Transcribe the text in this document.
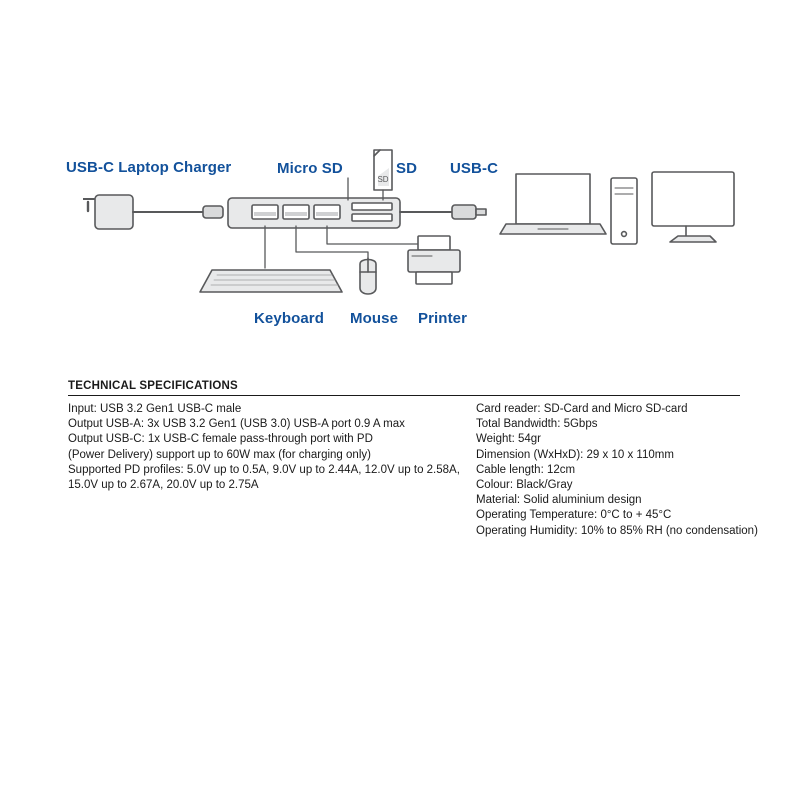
SD
USB-C Laptop Charger	Micro SD	SD USB-C
Keyboard Mouse Printer
TECHNICAL SPECIFICATIONS
Input: USB 3.2 Gen1 USB-C male
Output USB-A: 3x USB 3.2 Gen1 (USB 3.0) USB-A port 0.9 A max
Output USB-C: 1x USB-C female pass-through port with PD
(Power Delivery) support up to 60W max (for charging only)
Supported PD profiles: 5.0V up to 0.5A, 9.0V up to 2.44A, 12.0V up to 2.58A,
15.0V up to 2.67A, 20.0V up to 2.75A
Card reader: SD-Card and Micro SD-card
Total Bandwidth: 5Gbps
Weight: 54gr
Dimension (WxHxD): 29 x 10 x 110mm
Cable length: 12cm
Colour: Black/Gray
Material: Solid aluminium design
Operating Temperature: 0°C to + 45°C
Operating Humidity: 10% to 85% RH (no condensation)
